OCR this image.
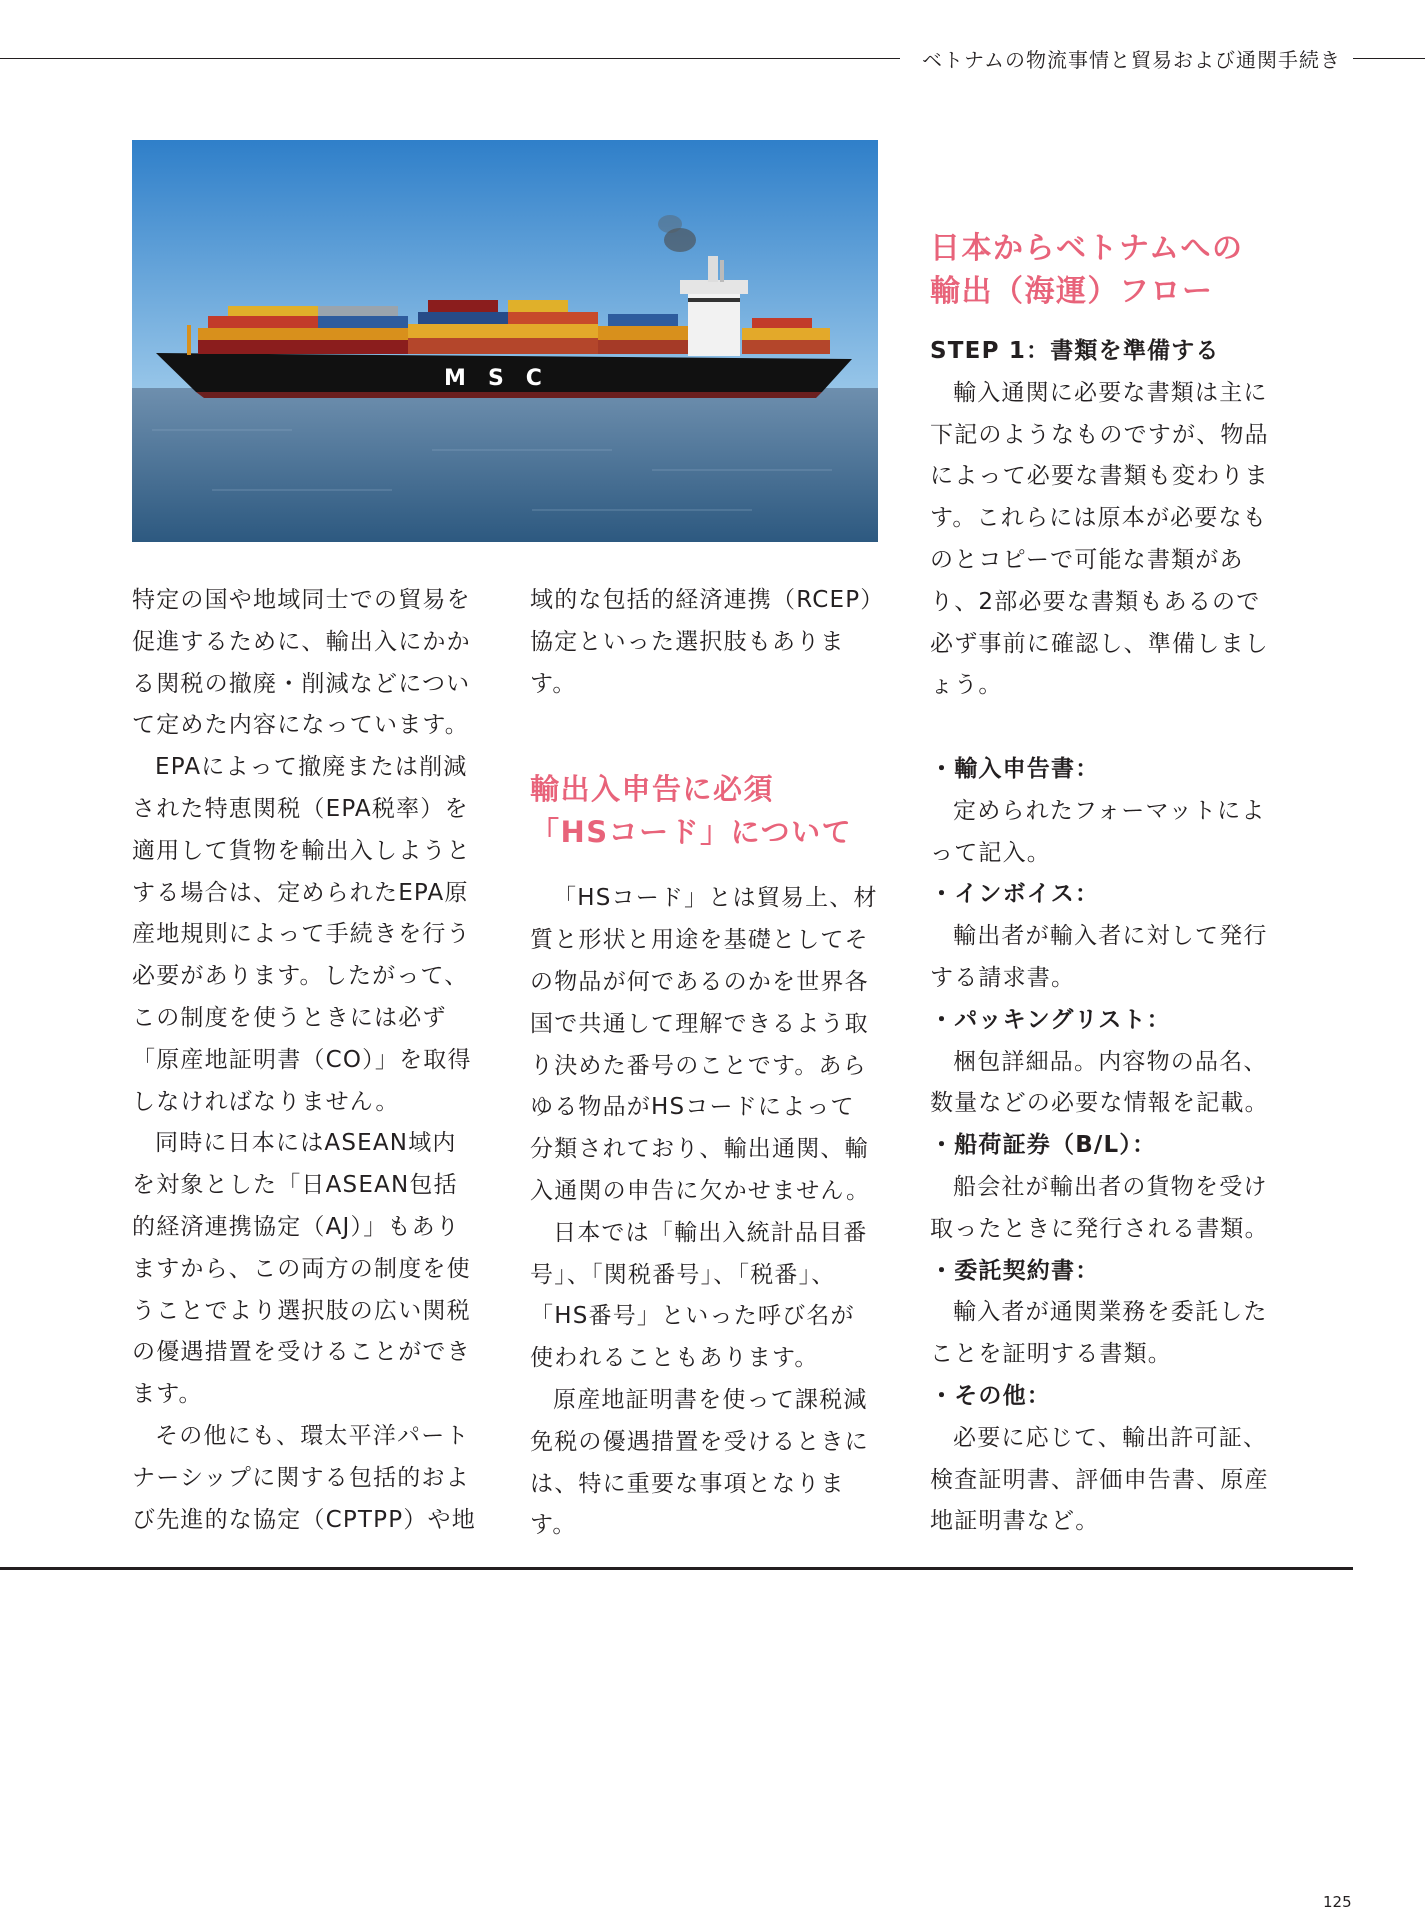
ベトナムの物流事情と貿易および通関手続き
MSC

特定の国や地域同士での貿易を促進するために、輸出入にかかる関税の撤廃・削減などについて定めた内容になっています。

EPAによって撤廃または削減された特恵関税（EPA税率）を適用して貨物を輸出入しようとする場合は、定められたEPA原産地規則によって手続きを行う必要があります。したがって、この制度を使うときには必ず「原産地証明書（CO）」を取得しなければなりません。

同時に日本にはASEAN域内を対象とした「日ASEAN包括的経済連携協定（AJ）」もありますから、この両方の制度を使うことでより選択肢の広い関税の優遇措置を受けることができます。

その他にも、環太平洋パートナーシップに関する包括的および先進的な協定（CPTPP）や地

域的な包括的経済連携（RCEP）協定といった選択肢もあります。

輸出入申告に必須
「HSコード」について

「HSコード」とは貿易上、材質と形状と用途を基礎としてその物品が何であるのかを世界各国で共通して理解できるよう取り決めた番号のことです。あらゆる物品がHSコードによって分類されており、輸出通関、輸入通関の申告に欠かせません。

日本では「輸出入統計品目番号」、「関税番号」、「税番」、「HS番号」といった呼び名が使われることもあります。

原産地証明書を使って課税減免税の優遇措置を受けるときには、特に重要な事項となります。

日本からベトナムへの
輸出（海運）フロー

STEP 1：書類を準備する

輸入通関に必要な書類は主に下記のようなものですが、物品によって必要な書類も変わります。これらには原本が必要なものとコピーで可能な書類があり、2部必要な書類もあるので必ず事前に確認し、準備しましょう。

・輸入申告書：

定められたフォーマットによって記入。

・インボイス：

輸出者が輸入者に対して発行する請求書。

・パッキングリスト：

梱包詳細品。内容物の品名、数量などの必要な情報を記載。

・船荷証券（B/L）：

船会社が輸出者の貨物を受け取ったときに発行される書類。

・委託契約書：

輸入者が通関業務を委託したことを証明する書類。

・その他：

必要に応じて、輸出許可証、検査証明書、評価申告書、原産地証明書など。

125
